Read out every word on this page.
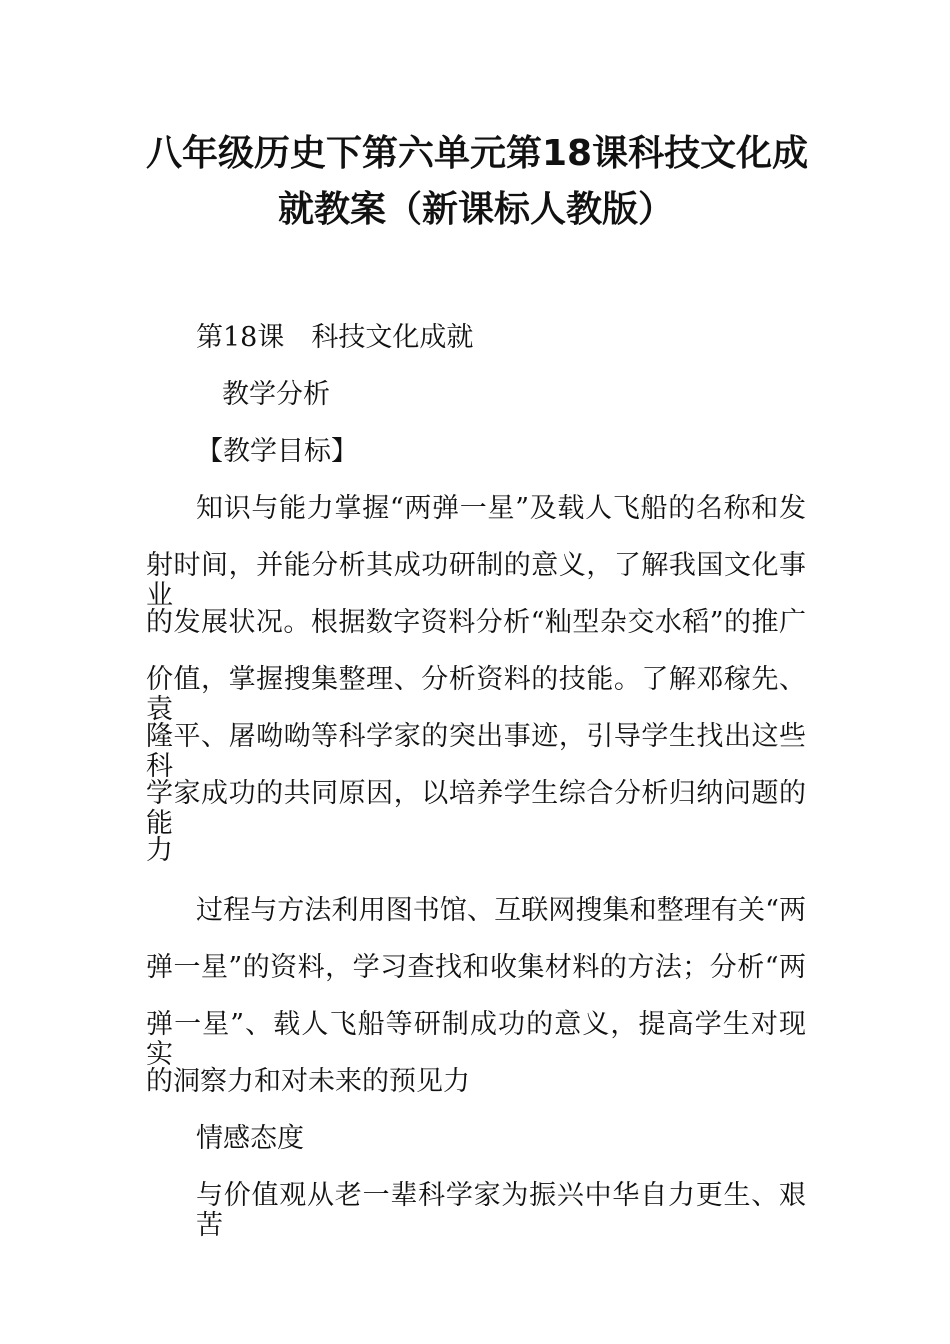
八年级历史下第六单元第18课科技文化成
就教案（新课标人教版）
第18课　科技文化成就
教学分析
【教学目标】
知识与能力掌握“两弹一星”及载人飞船的名称和发
射时间，并能分析其成功研制的意义，了解我国文化事业
的发展状况。根据数字资料分析“籼型杂交水稻”的推广
价值，掌握搜集整理、分析资料的技能。了解邓稼先、袁
隆平、屠呦呦等科学家的突出事迹，引导学生找出这些科
学家成功的共同原因，以培养学生综合分析归纳问题的能
力
过程与方法利用图书馆、互联网搜集和整理有关“两
弹一星”的资料，学习查找和收集材料的方法；分析“两
弹一星”、载人飞船等研制成功的意义，提高学生对现实
的洞察力和对未来的预见力
情感态度
与价值观从老一辈科学家为振兴中华自力更生、艰苦
